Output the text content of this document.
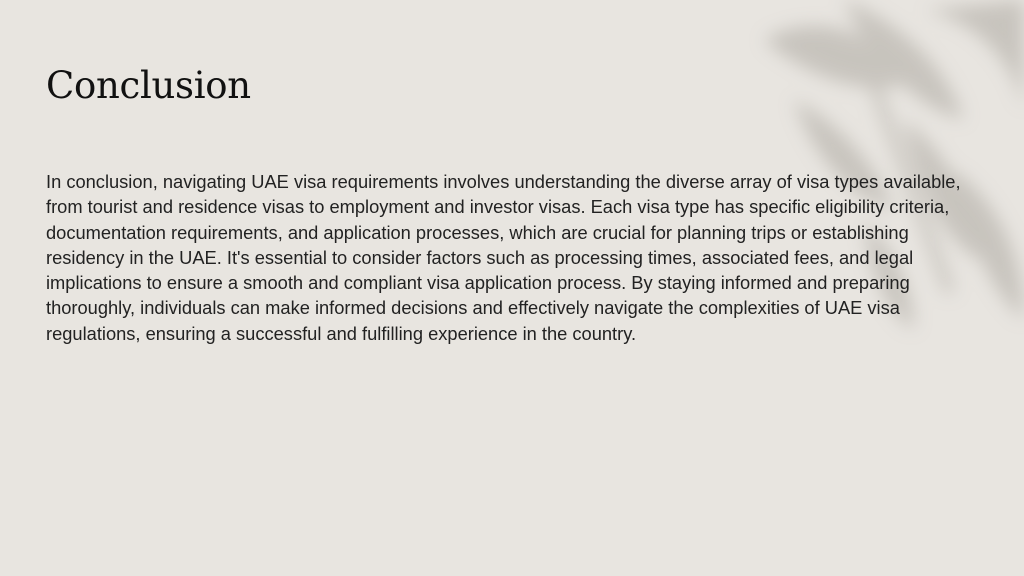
Conclusion

In conclusion, navigating UAE visa requirements involves understanding the diverse array of visa types available, from tourist and residence visas to employment and investor visas. Each visa type has specific eligibility criteria, documentation requirements, and application processes, which are crucial for planning trips or establishing residency in the UAE. It's essential to consider factors such as processing times, associated fees, and legal implications to ensure a smooth and compliant visa application process. By staying informed and preparing thoroughly, individuals can make informed decisions and effectively navigate the complexities of UAE visa regulations, ensuring a successful and fulfilling experience in the country.
